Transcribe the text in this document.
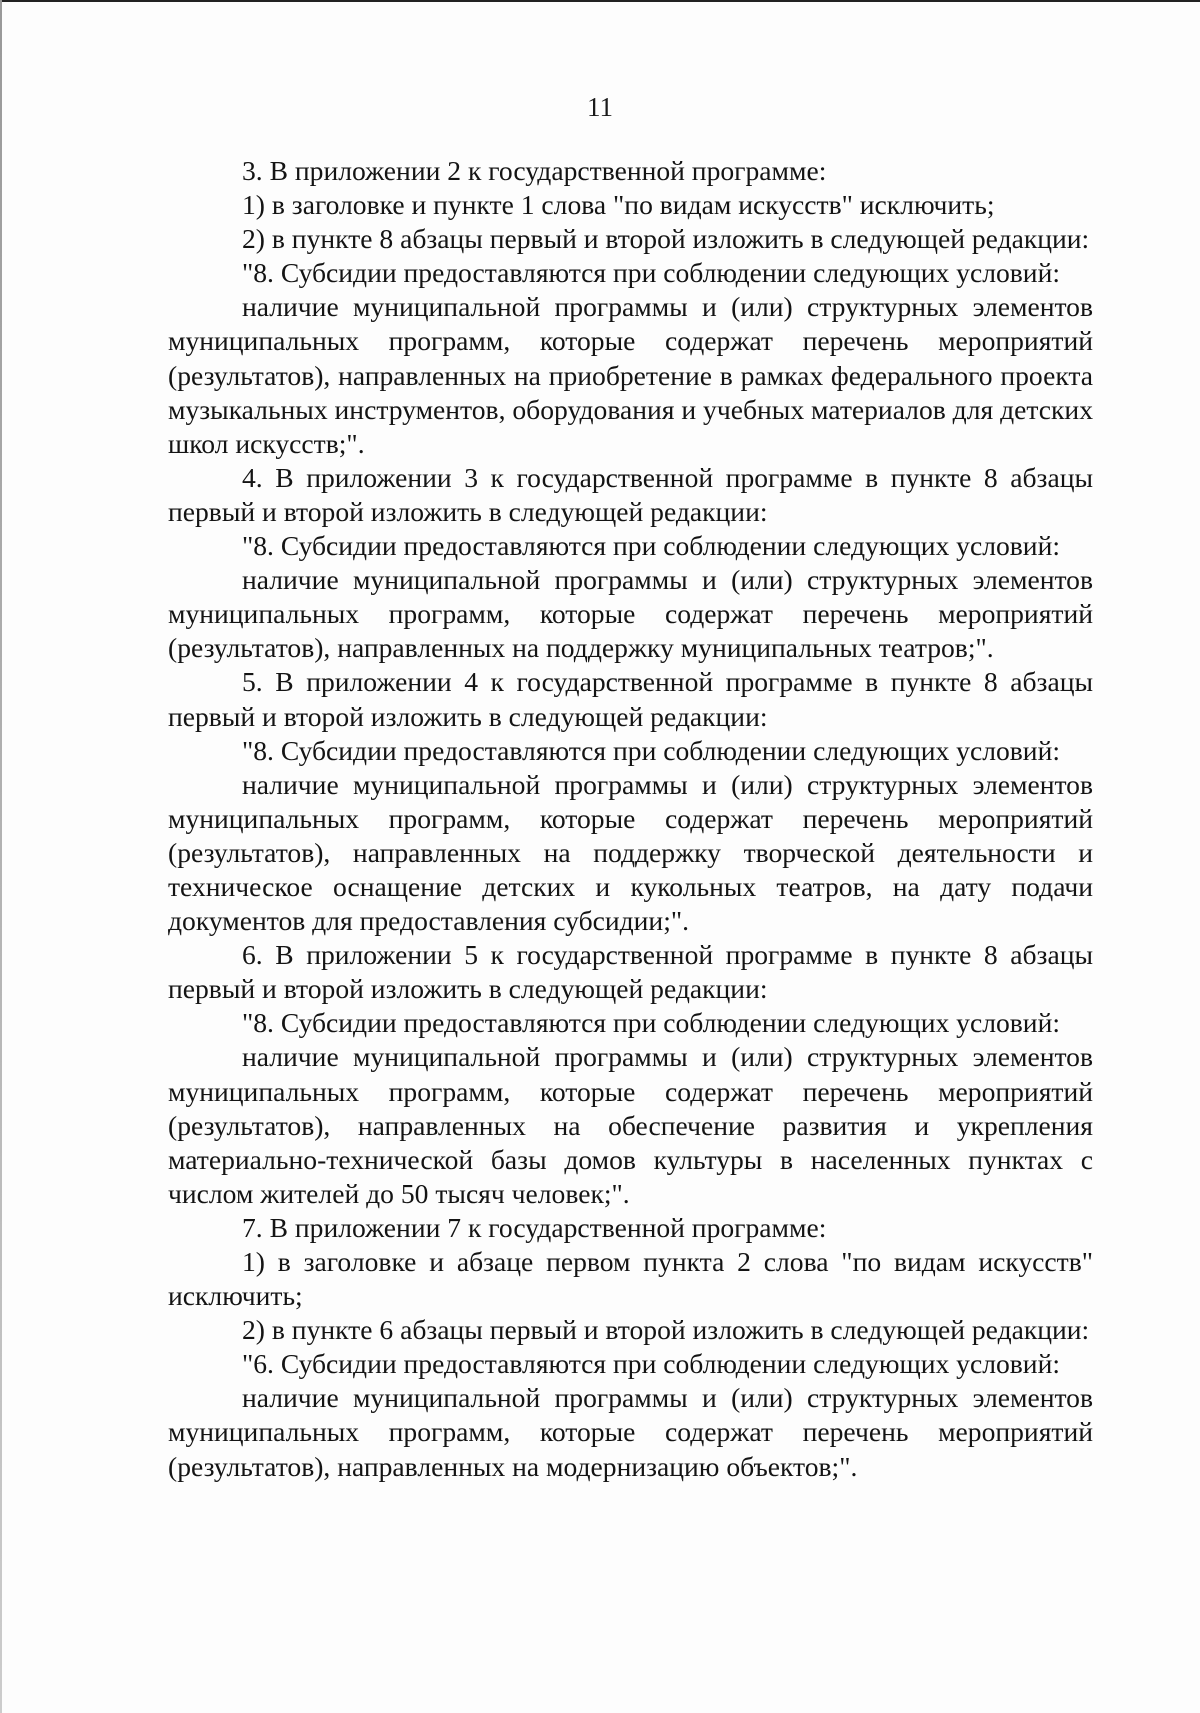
11

3. В приложении 2 к государственной программе:

1) в заголовке и пункте 1 слова "по видам искусств" исключить;

2) в пункте 8 абзацы первый и второй изложить в следующей редакции:

"8. Субсидии предоставляются при соблюдении следующих условий:

наличие муниципальной программы и (или) структурных элементов муниципальных программ, которые содержат перечень мероприятий (результатов), направленных на приобретение в рамках федерального проекта музыкальных инструментов, оборудования и учебных материалов для детских школ искусств;".

4. В приложении 3 к государственной программе в пункте 8 абзацы первый и второй изложить в следующей редакции:

"8. Субсидии предоставляются при соблюдении следующих условий:

наличие муниципальной программы и (или) структурных элементов муниципальных программ, которые содержат перечень мероприятий (результатов), направленных на поддержку муниципальных театров;".

5. В приложении 4 к государственной программе в пункте 8 абзацы первый и второй изложить в следующей редакции:

"8. Субсидии предоставляются при соблюдении следующих условий:

наличие муниципальной программы и (или) структурных элементов муниципальных программ, которые содержат перечень мероприятий (результатов), направленных на поддержку творческой деятельности и техническое оснащение детских и кукольных театров, на дату подачи документов для предоставления субсидии;".

6. В приложении 5 к государственной программе в пункте 8 абзацы первый и второй изложить в следующей редакции:

"8. Субсидии предоставляются при соблюдении следующих условий:

наличие муниципальной программы и (или) структурных элементов муниципальных программ, которые содержат перечень мероприятий (результатов), направленных на обеспечение развития и укрепления материально-технической базы домов культуры в населенных пунктах с числом жителей до 50 тысяч человек;".

7. В приложении 7 к государственной программе:

1) в заголовке и абзаце первом пункта 2 слова "по видам искусств" исключить;

2) в пункте 6 абзацы первый и второй изложить в следующей редакции:

"6. Субсидии предоставляются при соблюдении следующих условий:

наличие муниципальной программы и (или) структурных элементов муниципальных программ, которые содержат перечень мероприятий (результатов), направленных на модернизацию объектов;".
